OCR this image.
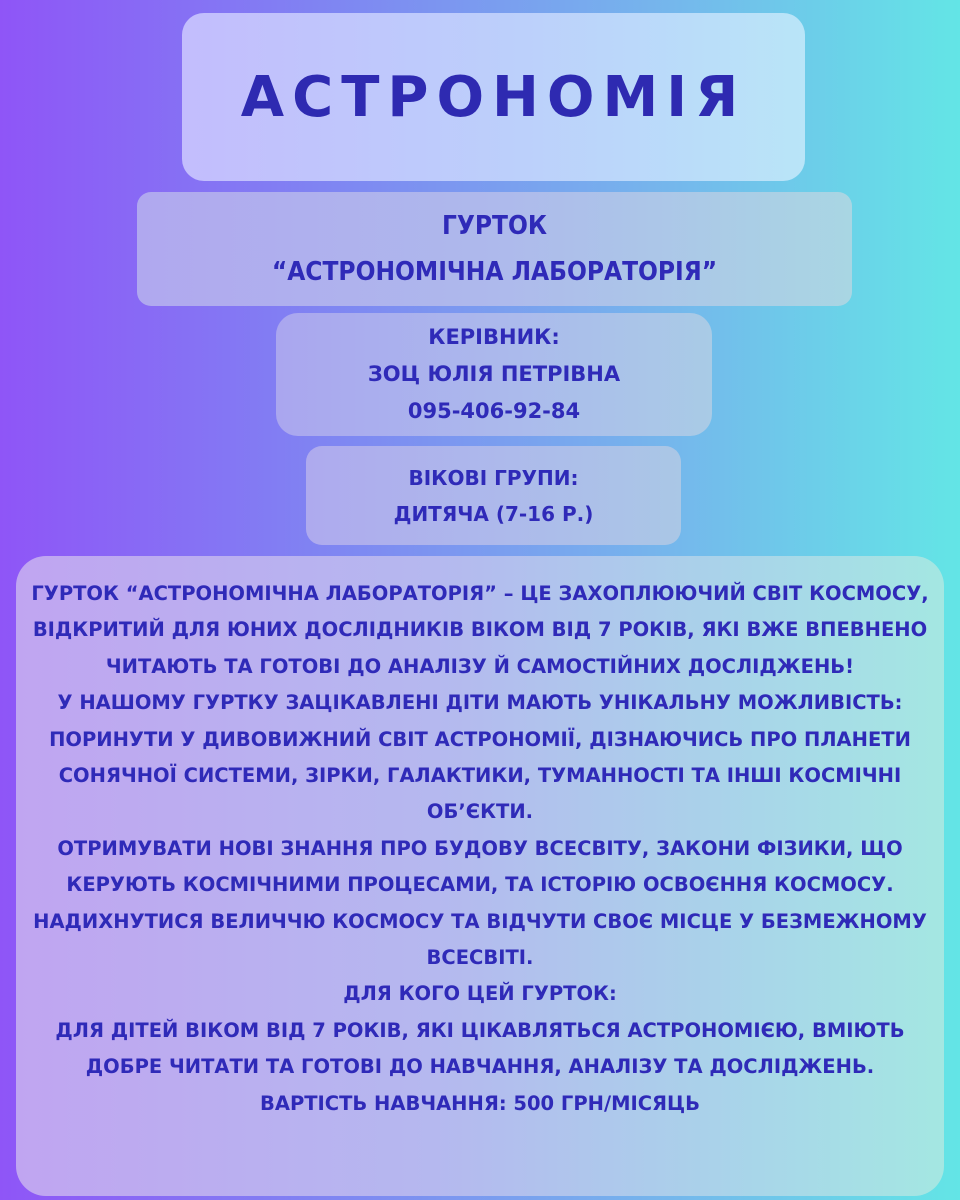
АСТРОНОМІЯ
ГУРТОК
“АСТРОНОМІЧНА ЛАБОРАТОРІЯ”
КЕРІВНИК:
ЗОЦ ЮЛІЯ ПЕТРІВНА
095-406-92-84
ВІКОВІ ГРУПИ:
ДИТЯЧА (7-16 Р.)
ГУРТОК “АСТРОНОМІЧНА ЛАБОРАТОРІЯ” – ЦЕ ЗАХОПЛЮЮЧИЙ СВІТ КОСМОСУ,
ВІДКРИТИЙ ДЛЯ ЮНИХ ДОСЛІДНИКІВ ВІКОМ ВІД 7 РОКІВ, ЯКІ ВЖЕ ВПЕВНЕНО
ЧИТАЮТЬ ТА ГОТОВІ ДО АНАЛІЗУ Й САМОСТІЙНИХ ДОСЛІДЖЕНЬ!
У НАШОМУ ГУРТКУ ЗАЦІКАВЛЕНІ ДІТИ МАЮТЬ УНІКАЛЬНУ МОЖЛИВІСТЬ:
ПОРИНУТИ У ДИВОВИЖНИЙ СВІТ АСТРОНОМІЇ, ДІЗНАЮЧИСЬ ПРО ПЛАНЕТИ
СОНЯЧНОЇ СИСТЕМИ, ЗІРКИ, ГАЛАКТИКИ, ТУМАННОСТІ ТА ІНШІ КОСМІЧНІ
ОБ’ЄКТИ.
ОТРИМУВАТИ НОВІ ЗНАННЯ ПРО БУДОВУ ВСЕСВІТУ, ЗАКОНИ ФІЗИКИ, ЩО
КЕРУЮТЬ КОСМІЧНИМИ ПРОЦЕСАМИ, ТА ІСТОРІЮ ОСВОЄННЯ КОСМОСУ.
НАДИХНУТИСЯ ВЕЛИЧЧЮ КОСМОСУ ТА ВІДЧУТИ СВОЄ МІСЦЕ У БЕЗМЕЖНОМУ
ВСЕСВІТІ.
ДЛЯ КОГО ЦЕЙ ГУРТОК:
ДЛЯ ДІТЕЙ ВІКОМ ВІД 7 РОКІВ, ЯКІ ЦІКАВЛЯТЬСЯ АСТРОНОМІЄЮ, ВМІЮТЬ
ДОБРЕ ЧИТАТИ ТА ГОТОВІ ДО НАВЧАННЯ, АНАЛІЗУ ТА ДОСЛІДЖЕНЬ.
ВАРТІСТЬ НАВЧАННЯ: 500 ГРН/МІСЯЦЬ
